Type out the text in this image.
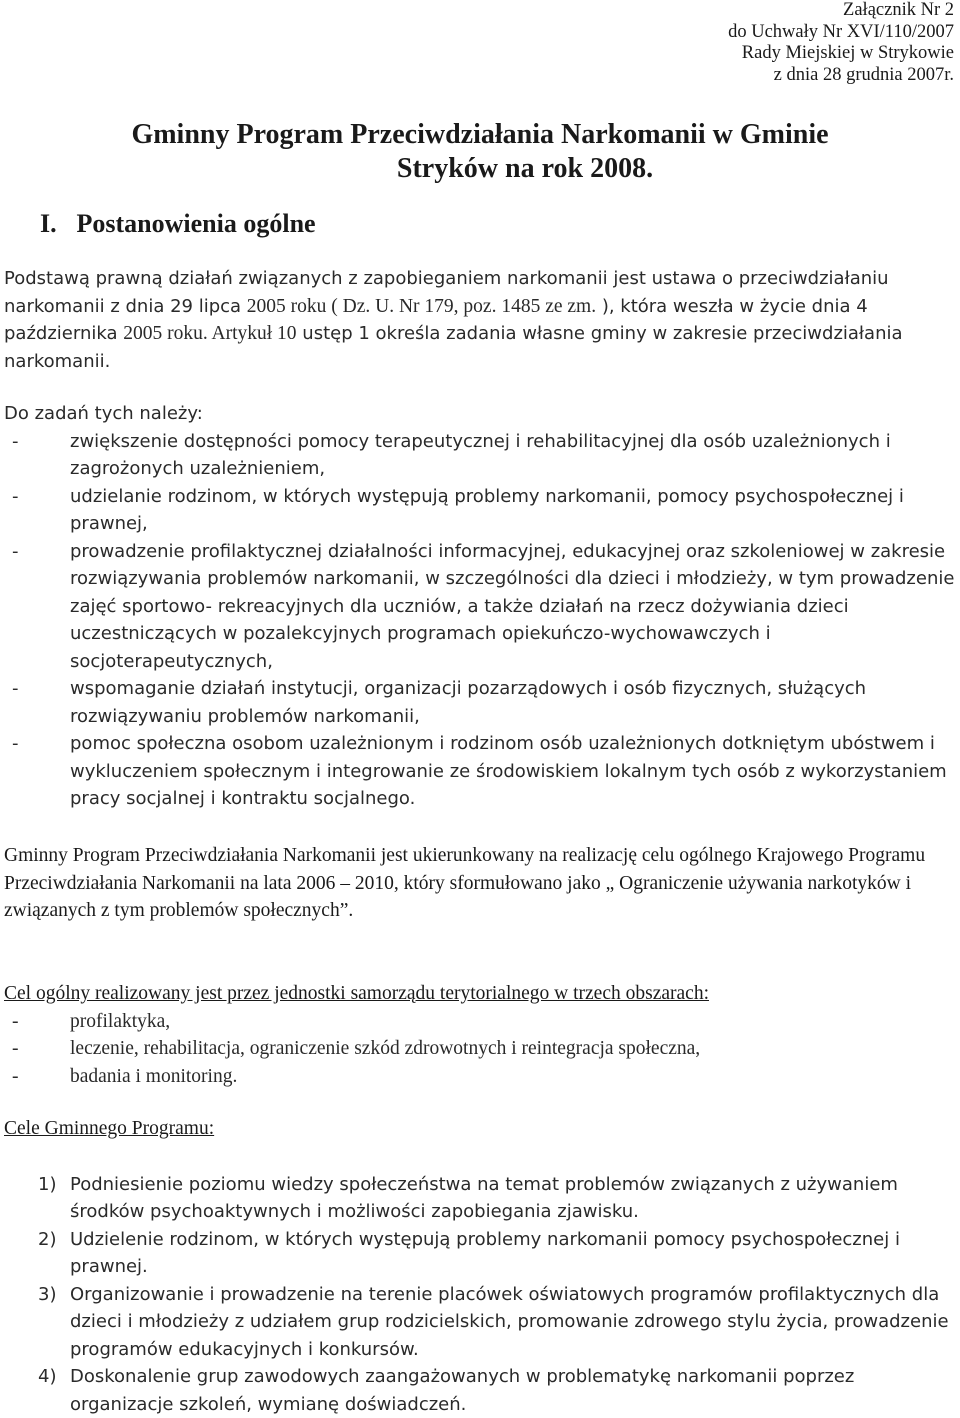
Załącznik Nr 2
do Uchwały Nr XVI/110/2007
Rady Miejskiej w Strykowie
z dnia 28 grudnia 2007r.
Gminny Program Przeciwdziałania Narkomanii w Gminie
Stryków na rok 2008.
I. Postanowienia ogólne
Podstawą prawną działań związanych z zapobieganiem narkomanii jest ustawa o przeciwdziałaniu narkomanii z dnia 29 lipca 2005 roku ( Dz. U. Nr 179, poz. 1485 ze zm. ), która weszła w życie dnia 4 października 2005 roku. Artykuł 10 ustęp 1 określa zadania własne gminy w zakresie przeciwdziałania narkomanii.
Do zadań tych należy:
-	zwiększenie dostępności pomocy terapeutycznej i rehabilitacyjnej dla osób uzależnionych i zagrożonych uzależnieniem,
-	udzielanie rodzinom, w których występują problemy narkomanii, pomocy psychospołecznej i prawnej,
-	prowadzenie profilaktycznej działalności informacyjnej, edukacyjnej oraz szkoleniowej w zakresie rozwiązywania problemów narkomanii, w szczególności dla dzieci i młodzieży, w tym prowadzenie zajęć sportowo- rekreacyjnych dla uczniów, a także działań na rzecz dożywiania dzieci uczestniczących w pozalekcyjnych programach opiekuńczo-wychowawczych i socjoterapeutycznych,
-	wspomaganie działań instytucji, organizacji pozarządowych i osób fizycznych, służących rozwiązywaniu problemów narkomanii,
-	pomoc społeczna osobom uzależnionym i rodzinom osób uzależnionych dotkniętym ubóstwem i wykluczeniem społecznym i integrowanie ze środowiskiem lokalnym tych osób z wykorzystaniem pracy socjalnej i kontraktu socjalnego.
Gminny Program Przeciwdziałania Narkomanii jest ukierunkowany na realizację celu ogólnego Krajowego Programu Przeciwdziałania Narkomanii na lata 2006 – 2010, który sformułowano jako „ Ograniczenie używania narkotyków i związanych z tym problemów społecznych”.
Cel ogólny realizowany jest przez jednostki samorządu terytorialnego w trzech obszarach:
-	profilaktyka,
-	leczenie, rehabilitacja, ograniczenie szkód zdrowotnych i reintegracja społeczna,
-	badania i monitoring.
Cele Gminnego Programu:
1) Podniesienie poziomu wiedzy społeczeństwa na temat problemów związanych z używaniem środków psychoaktywnych i możliwości zapobiegania zjawisku.
2) Udzielenie rodzinom, w których występują problemy narkomanii pomocy psychospołecznej i prawnej.
3) Organizowanie i prowadzenie na terenie placówek oświatowych programów profilaktycznych dla dzieci i młodzieży z udziałem grup rodzicielskich, promowanie zdrowego stylu życia, prowadzenie programów edukacyjnych i konkursów.
4) Doskonalenie grup zawodowych zaangażowanych w problematykę narkomanii poprzez organizacje szkoleń, wymianę doświadczeń.
